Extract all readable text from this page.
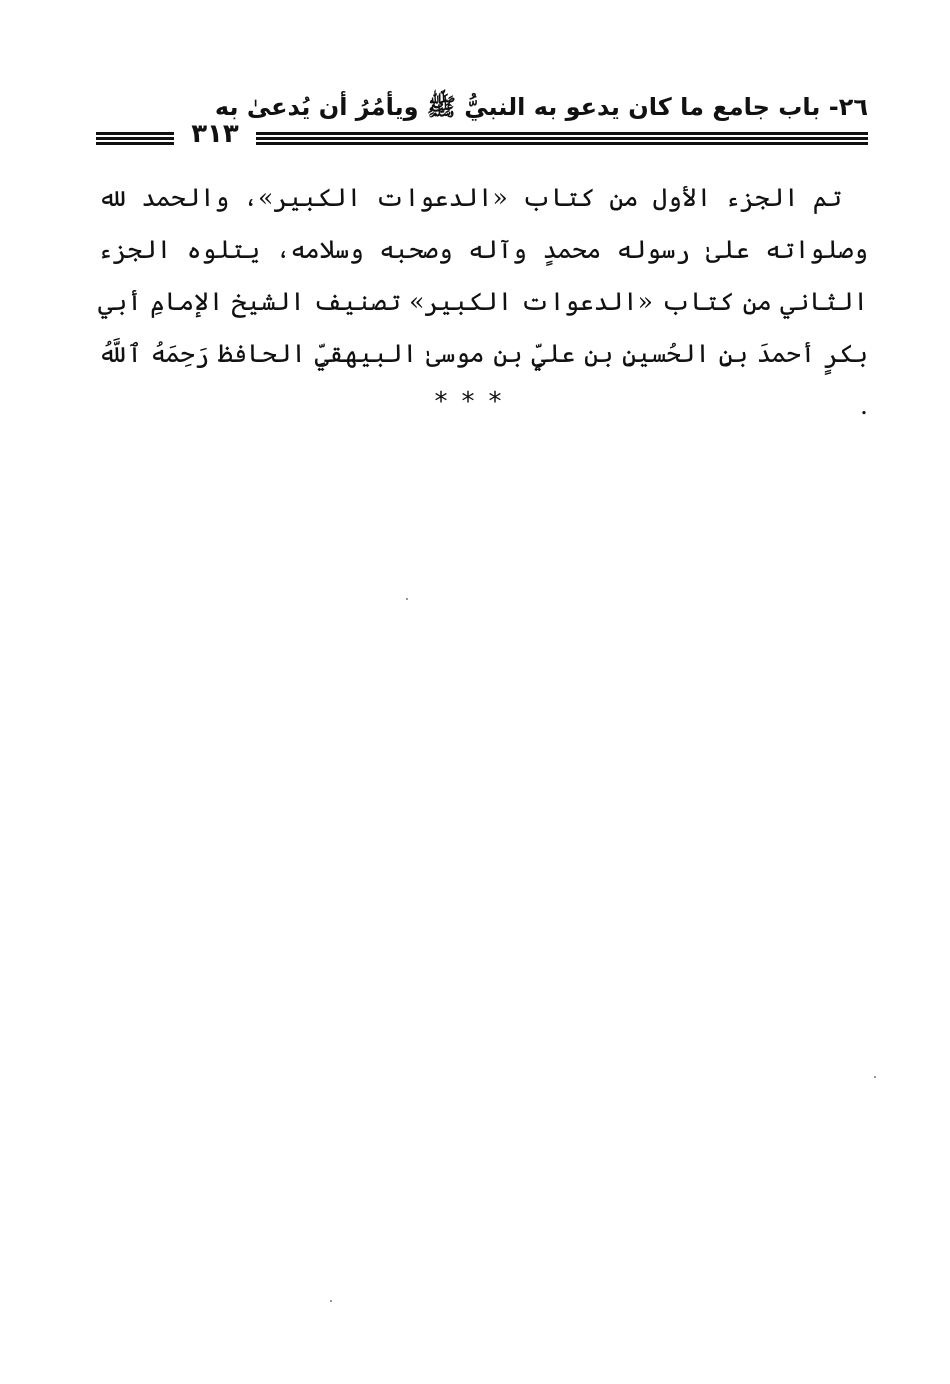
٢٦- باب جامع ما كان يدعو به النبيُّ ﷺ ويأمُرُ أن يُدعىٰ به
٣١٣
تم الجزء الأول من كتاب «الدعوات الكبير»، والحمد لله وصلواته علىٰ رسوله محمدٍ وآله وصحبه وسلامه، يتلوه الجزء الثاني من كتاب «الدعوات الكبير» تصنيف الشيخ الإمامِ أبي بكرٍ أحمدَ بنِ الحُسينِ بن عليٍّ بن موسىٰ البيهقيِّ الحافظ رَحِمَهُ ٱللَّهُ .
***
